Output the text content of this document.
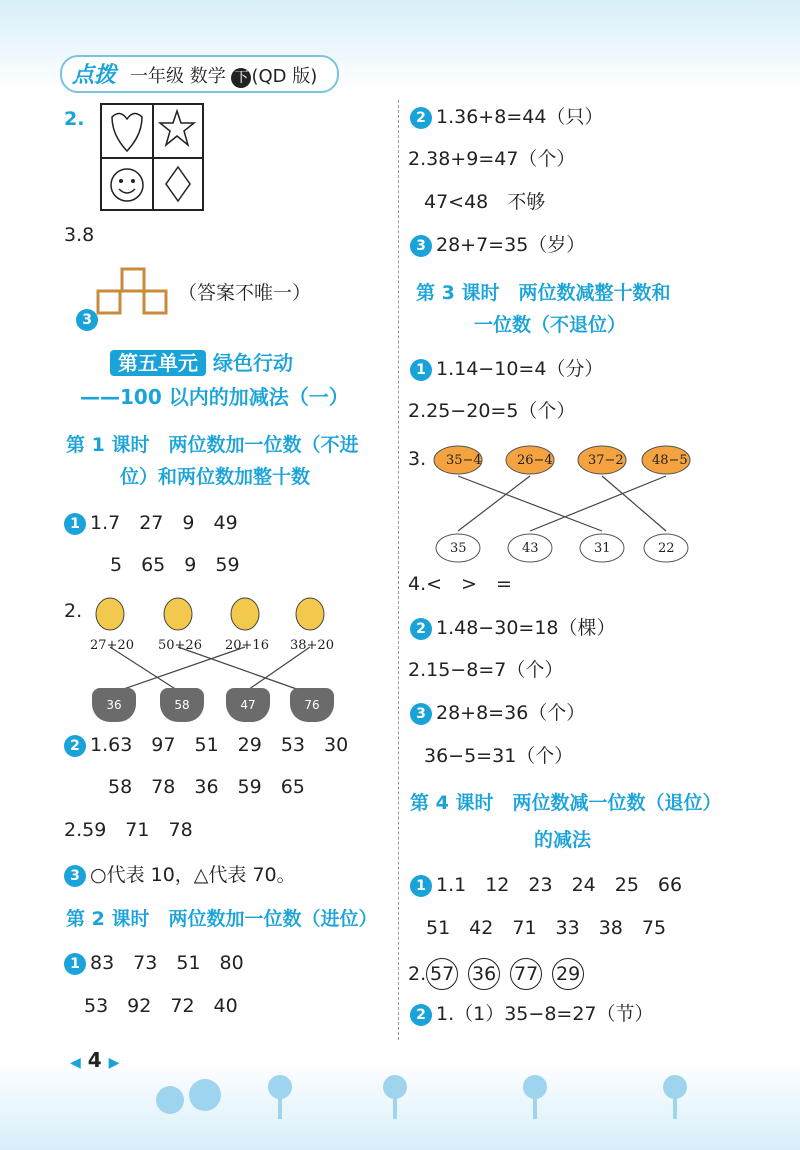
点拨 一年级 数学 下 (QD 版)
2.
3.8

3

（答案不唯一）
第五单元 绿色行动
——100 以内的加减法（一）
第 1 课时　两位数加一位数（不进
位）和两位数加整十数
1 1.7　27　9　49
5　65　9　59
2.
27+20 50+26 20+16 38+20
36	58	47	76
2 1.63　97　51　29　53　30
58　78　36　59　65
2.59　71　78
3 ○代表 10，△代表 70。
第 2 课时　两位数加一位数（进位）
1 83　73　51　80
53　92　72　40
2 1.36+8=44（只）
2.38+9=47（个）
47<48　不够
3 28+7=35（岁）
第 3 课时　两位数减整十数和
一位数（不退位）
1 1.14−10=4（分）
2.25−20=5（个）
3. 35−4	26−4	37−2 48−5
35	43	31	22
4.<　>　=
2 1.48−30=18（棵）
2.15−8=7（个）
3 28+8=36（个）
36−5=31（个）
第 4 课时　两位数减一位数（退位）
的减法
1 1.1　12　23　24　25　66
51　42　71　33　38　75
2. 57 36 77 29
2 1.（1）35−8=27（节）
◀ 4 ▶
